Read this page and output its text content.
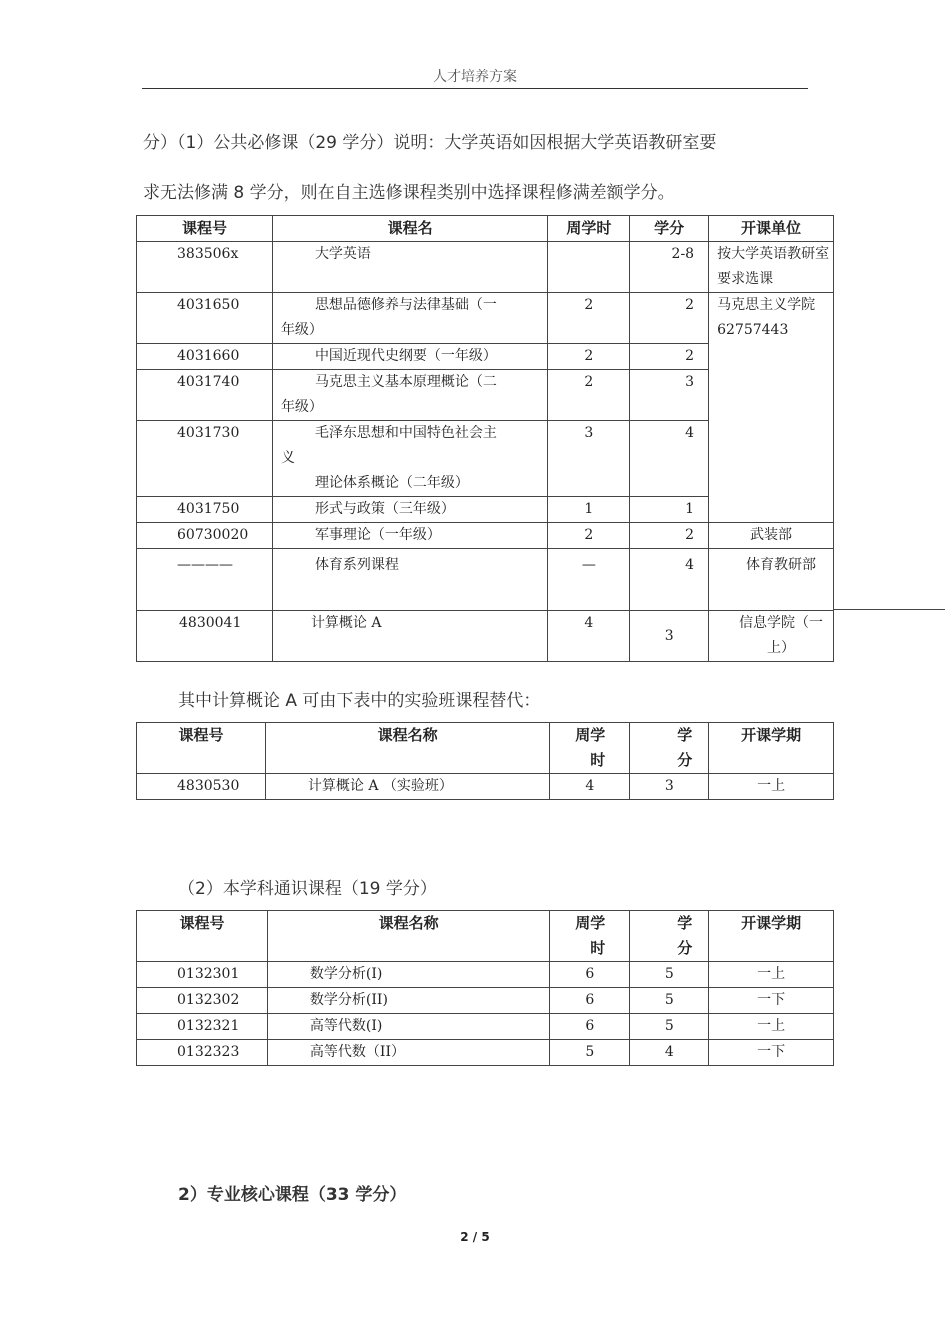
人才培养方案
分）（1）公共必修课（29 学分）说明：大学英语如因根据大学英语教研室要
求无法修满 8 学分，则在自主选修课程类别中选择课程修满差额学分。
课程号	课程名	周学时	学分	开课单位
383506x	大学英语		2-8	按大学英语教研室要求选课
4031650	思想品德修养与法律基础（一
年级）	2	2	马克思主义学院 62757443
4031660	中国近现代史纲要（一年级）	2	2	
4031740	马克思主义基本原理概论（二
年级）	2	3	
4031730	毛泽东思想和中国特色社会主
义
理论体系概论（二年级）	3	4	
4031750	形式与政策（三年级）	1	1	
60730020	军事理论（一年级）	2	2	武装部
————	体育系列课程	—	4	体育教研部
4830041	计算概论 A	4	3	信息学院（一上）
其中计算概论 A 可由下表中的实验班课程替代：
课程号	课程名称	周学时	学分	开课学期
4830530	计算概论 A （实验班）	4	3	一上
（2）本学科通识课程（19 学分）
课程号	课程名称	周学时	学分	开课学期
0132301	数学分析(I)	6	5	一上
0132302	数学分析(II)	6	5	一下
0132321	高等代数(I)	6	5	一上
0132323	高等代数（II）	5	4	一下
2）专业核心课程（33 学分）
2 / 5
